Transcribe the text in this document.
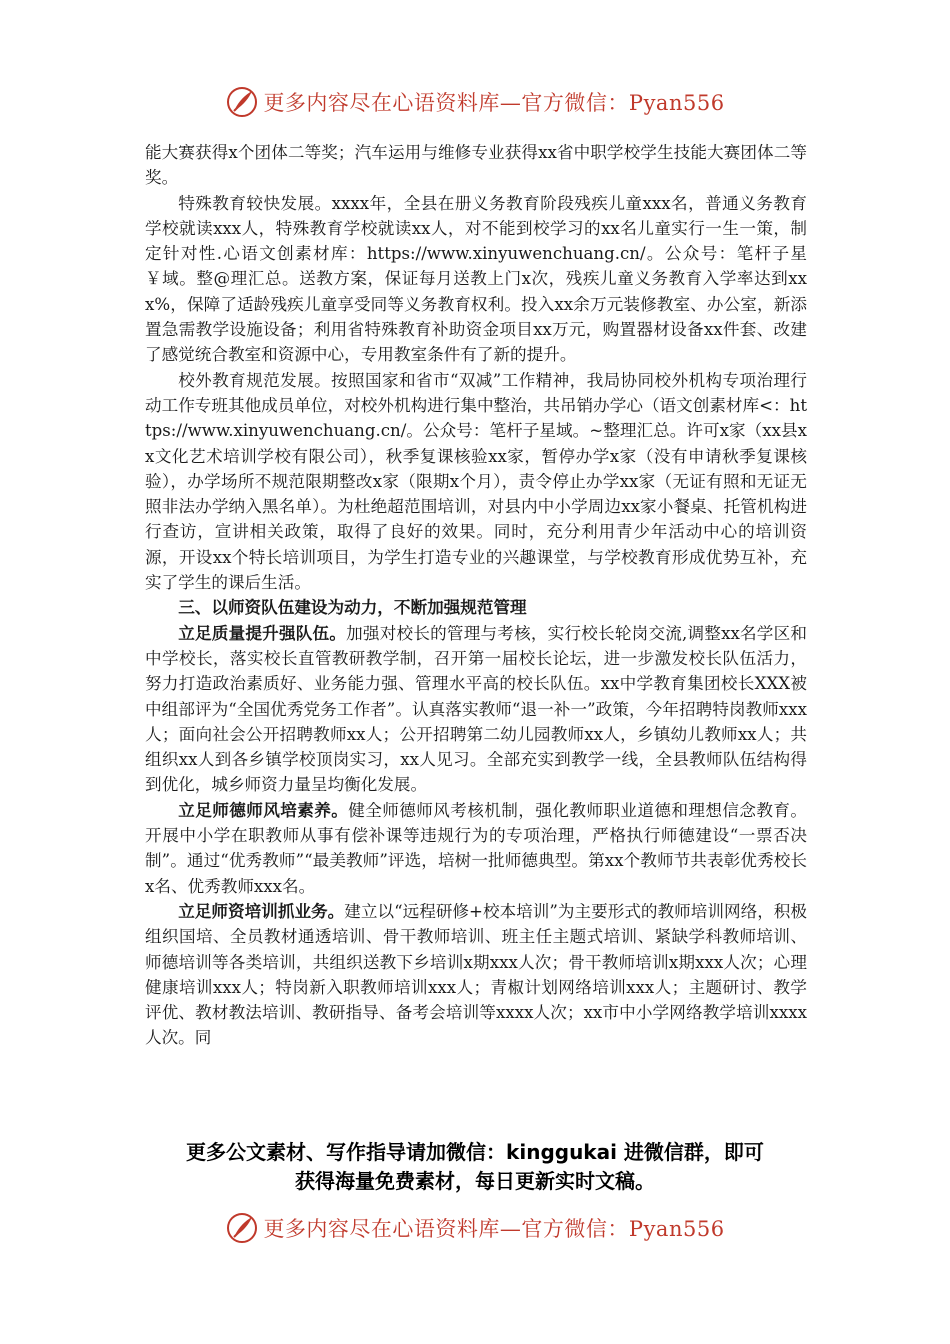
更多内容尽在心语资料库—官方微信：Pyan556

能大赛获得x个团体二等奖；汽车运用与维修专业获得xx省中职学校学生技能大赛团体二等奖。

特殊教育较快发展。xxxx年，全县在册义务教育阶段残疾儿童xxx名，普通义务教育学校就读xxx人，特殊教育学校就读xx人，对不能到校学习的xx名儿童实行一生一策，制定针对性.心语文创素材库：https://www.xinyuwenchuang.cn/。公众号：笔杆子星￥域。整@理汇总。送教方案，保证每月送教上门x次，残疾儿童义务教育入学率达到xxx%，保障了适龄残疾儿童享受同等义务教育权利。投入xx余万元装修教室、办公室，新添置急需教学设施设备；利用省特殊教育补助资金项目xx万元，购置器材设备xx件套、改建了感觉统合教室和资源中心，专用教室条件有了新的提升。

校外教育规范发展。按照国家和省市“双减”工作精神，我局协同校外机构专项治理行动工作专班其他成员单位，对校外机构进行集中整治，共吊销办学心（语文创素材库<：https://www.xinyuwenchuang.cn/。公众号：笔杆子星域。~整理汇总。许可x家（xx县xx文化艺术培训学校有限公司），秋季复课核验xx家，暂停办学x家（没有申请秋季复课核验），办学场所不规范限期整改x家（限期x个月），责令停止办学xx家（无证有照和无证无照非法办学纳入黑名单）。为杜绝超范围培训，对县内中小学周边xx家小餐桌、托管机构进行查访，宣讲相关政策，取得了良好的效果。同时，充分利用青少年活动中心的培训资源，开设xx个特长培训项目，为学生打造专业的兴趣课堂，与学校教育形成优势互补，充实了学生的课后生活。

三、以师资队伍建设为动力，不断加强规范管理

立足质量提升强队伍。加强对校长的管理与考核，实行校长轮岗交流,调整xx名学区和中学校长，落实校长直管教研教学制，召开第一届校长论坛，进一步激发校长队伍活力，努力打造政治素质好、业务能力强、管理水平高的校长队伍。xx中学教育集团校长XXX被中组部评为“全国优秀党务工作者”。认真落实教师“退一补一”政策，今年招聘特岗教师xxx人；面向社会公开招聘教师xx人；公开招聘第二幼儿园教师xx人，乡镇幼儿教师xx人；共组织xx人到各乡镇学校顶岗实习，xx人见习。全部充实到教学一线，全县教师队伍结构得到优化，城乡师资力量呈均衡化发展。

立足师德师风培素养。健全师德师风考核机制，强化教师职业道德和理想信念教育。开展中小学在职教师从事有偿补课等违规行为的专项治理，严格执行师德建设“一票否决制”。通过“优秀教师”“最美教师”评选，培树一批师德典型。第xx个教师节共表彰优秀校长x名、优秀教师xxx名。

立足师资培训抓业务。建立以“远程研修+校本培训”为主要形式的教师培训网络，积极组织国培、全员教材通透培训、骨干教师培训、班主任主题式培训、紧缺学科教师培训、师德培训等各类培训，共组织送教下乡培训x期xxx人次；骨干教师培训x期xxx人次；心理健康培训xxx人；特岗新入职教师培训xxx人；青椒计划网络培训xxx人；主题研讨、教学评优、教材教法培训、教研指导、备考会培训等xxxx人次；xx市中小学网络教学培训xxxx人次。同

更多公文素材、写作指导请加微信：kinggukai 进微信群，即可
获得海量免费素材，每日更新实时文稿。
更多内容尽在心语资料库—官方微信：Pyan556
